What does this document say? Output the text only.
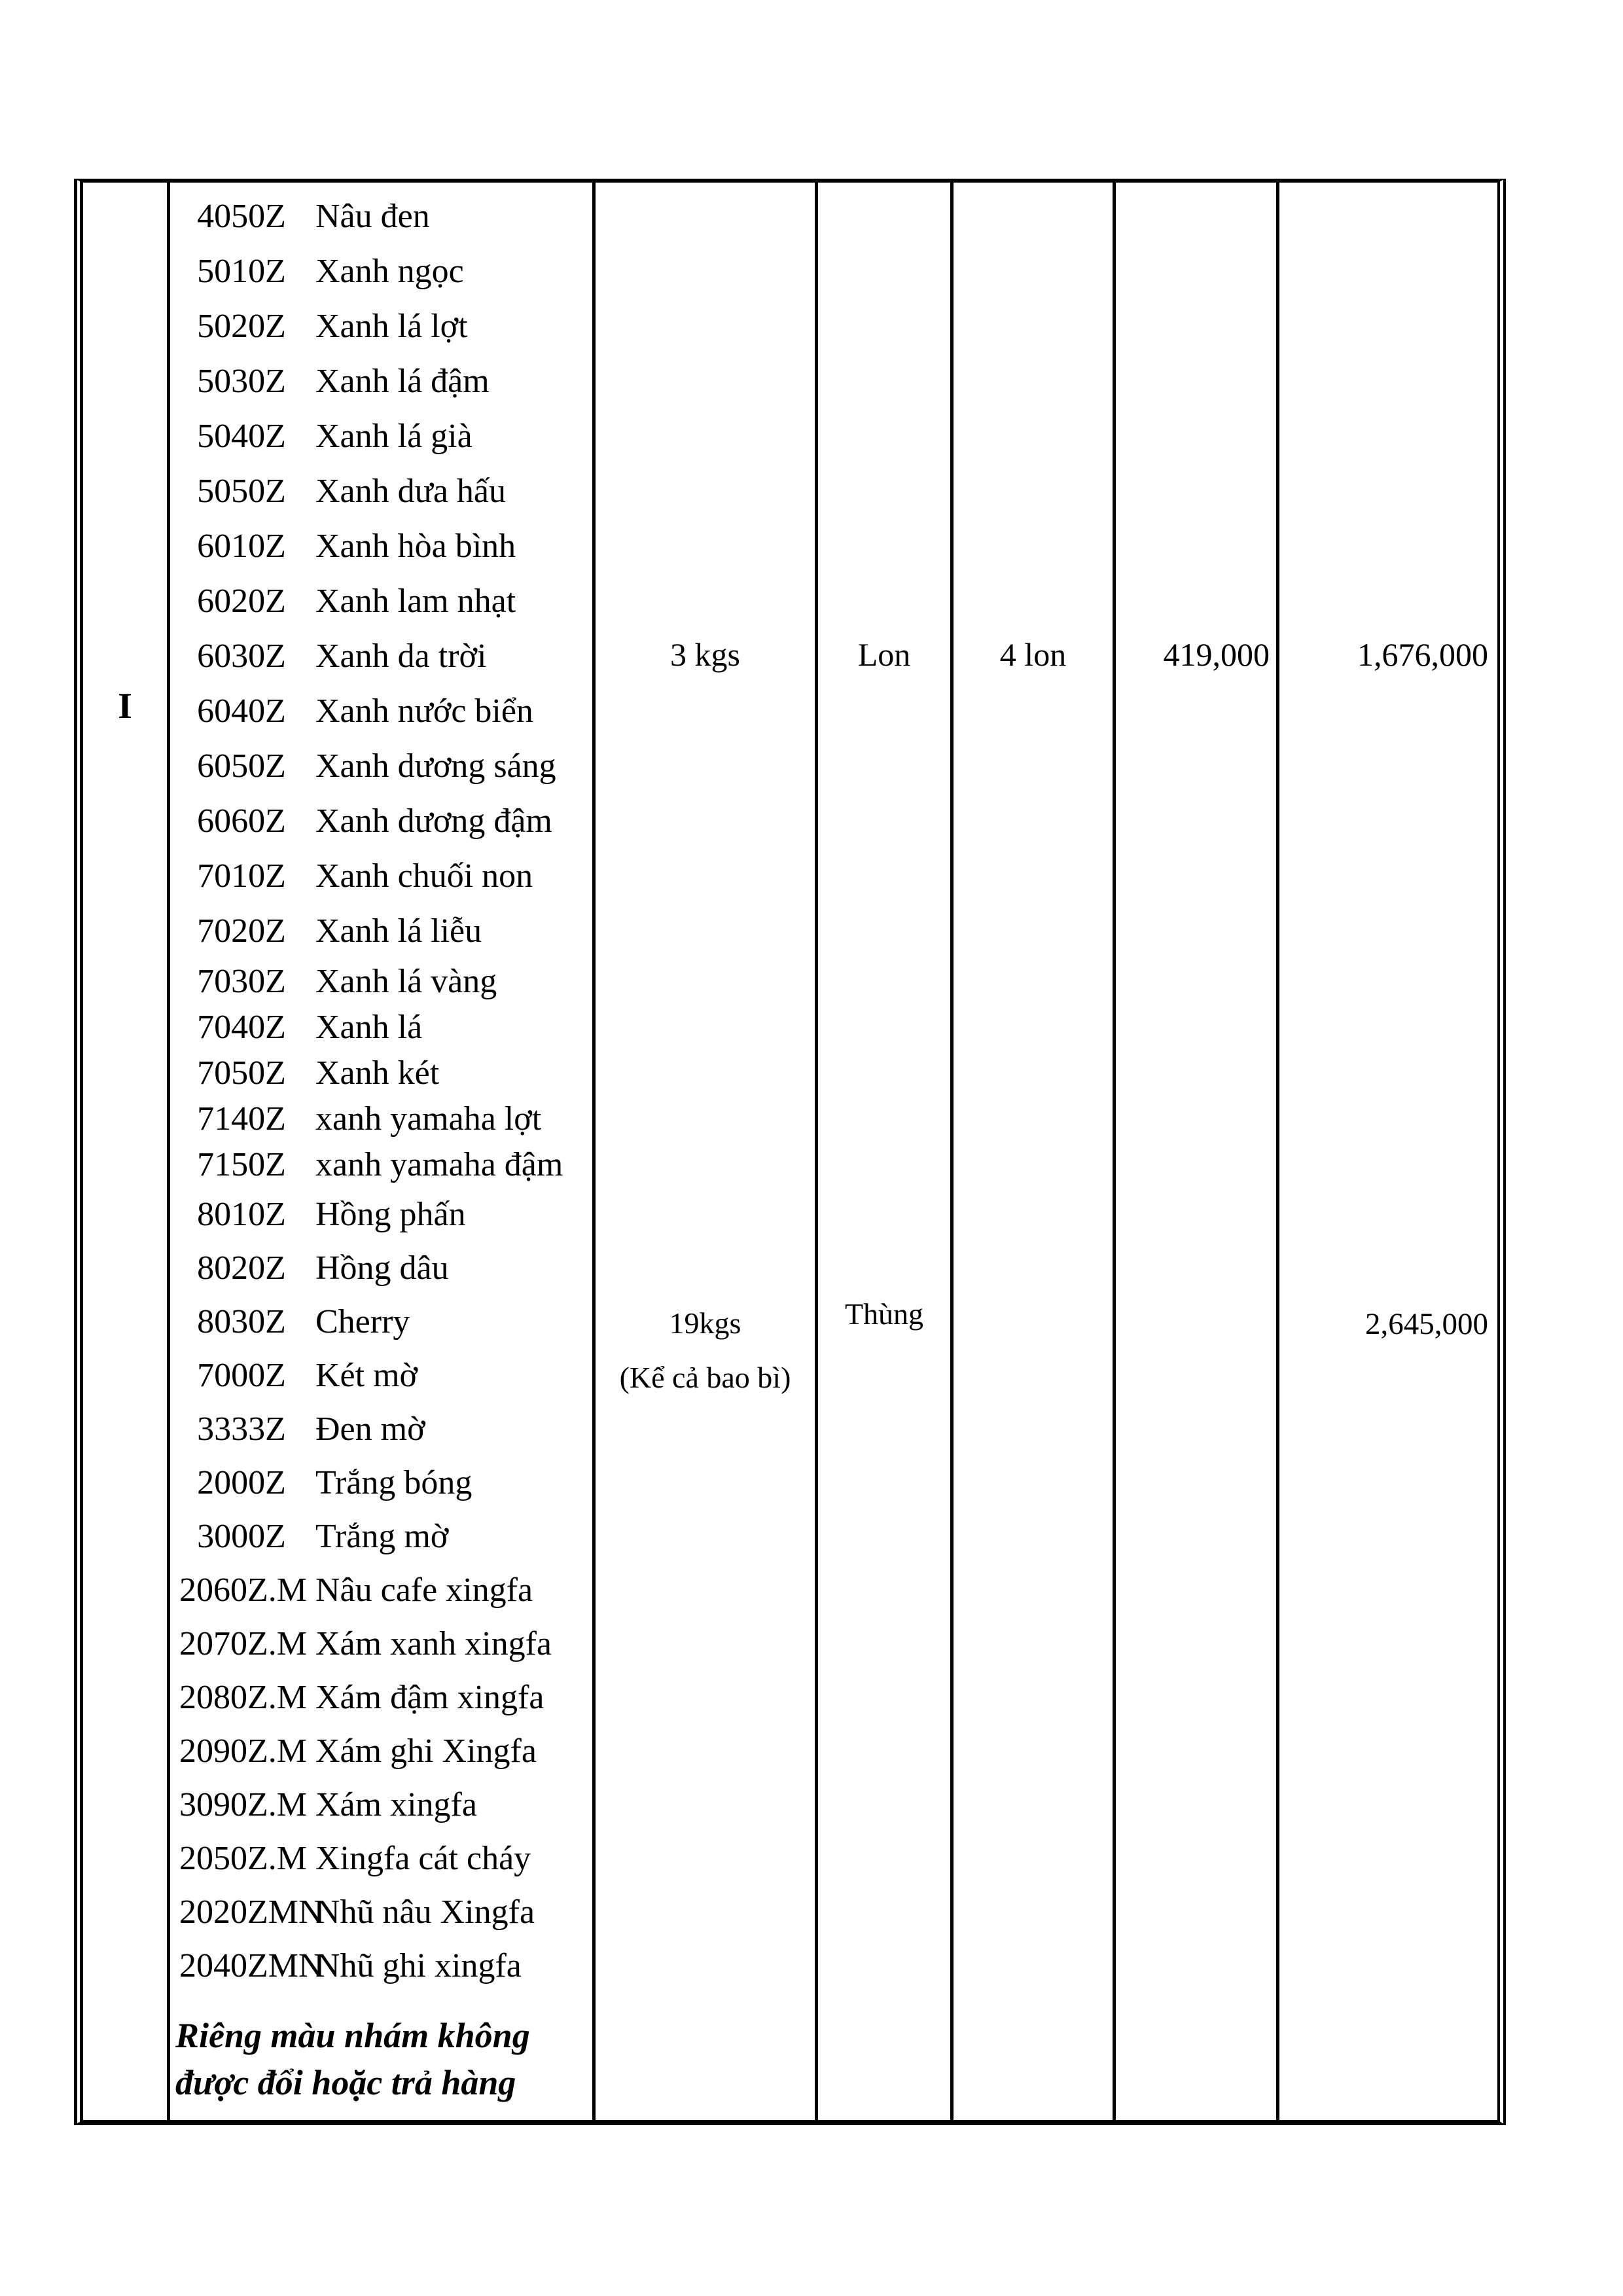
I
4050Z Nâu đen
5010Z Xanh ngọc
5020Z Xanh lá lợt
5030Z Xanh lá đậm
5040Z Xanh lá già
5050Z Xanh dưa hấu
6010Z Xanh hòa bình
6020Z Xanh lam nhạt
6030Z Xanh da trời
6040Z Xanh nước biển
6050Z Xanh dương sáng
6060Z Xanh dương đậm
7010Z Xanh chuối non
7020Z Xanh lá liễu
7030Z Xanh lá vàng
7040Z Xanh lá
7050Z Xanh két
7140Z xanh yamaha lợt
7150Z xanh yamaha đậm
8010Z Hồng phấn
8020Z Hồng dâu
8030Z Cherry
7000Z Két mờ
3333Z Đen mờ
2000Z Trắng bóng
3000Z Trắng mờ
2060Z.M Nâu cafe xingfa
2070Z.M Xám xanh xingfa
2080Z.M Xám đậm xingfa
2090Z.M Xám ghi Xingfa
3090Z.M Xám xingfa
2050Z.M Xingfa cát cháy
2020ZMN
Nhũ nâu Xingfa
2040ZMN
Nhũ ghi xingfa
Riêng màu nhám không
được đổi hoặc trả hàng
3 kgs
19kgs
(Kể cả bao bì)
Lon
Thùng
4 lon	419,000	1,676,000
2,645,000
